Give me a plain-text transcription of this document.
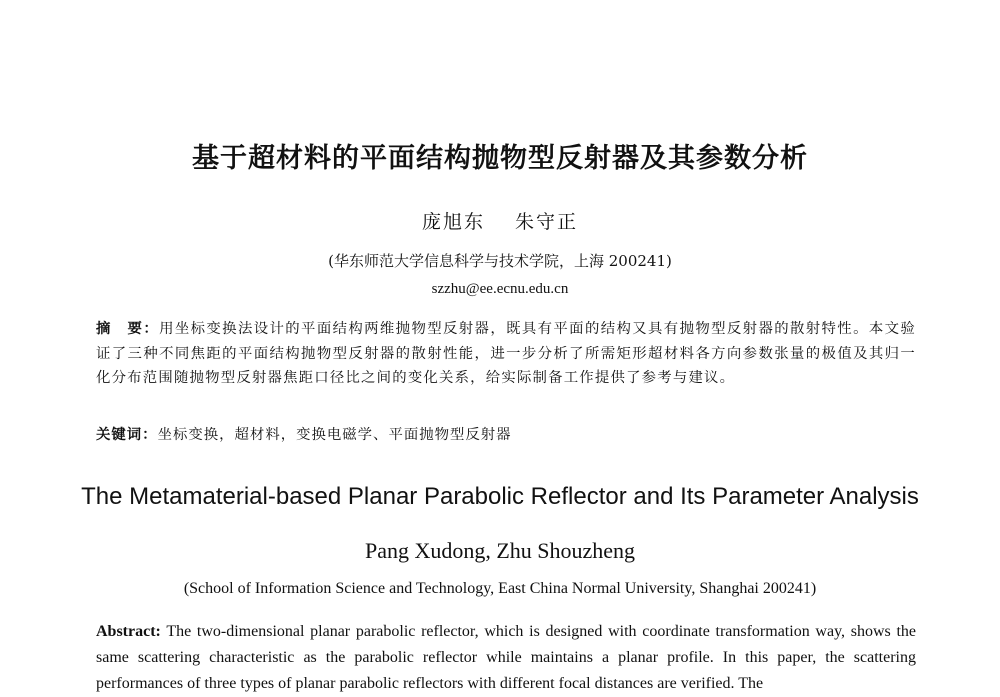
基于超材料的平面结构抛物型反射器及其参数分析
庞旭东 朱守正
(华东师范大学信息科学与技术学院，上海 200241)
szzhu@ee.ecnu.edu.cn
摘　要：用坐标变换法设计的平面结构两维抛物型反射器，既具有平面的结构又具有抛物型反射器的散射特性。本文验证了三种不同焦距的平面结构抛物型反射器的散射性能，进一步分析了所需矩形超材料各方向参数张量的极值及其归一化分布范围随抛物型反射器焦距口径比之间的变化关系，给实际制备工作提供了参考与建议。
关键词：坐标变换，超材料，变换电磁学、平面抛物型反射器
The Metamaterial-based Planar Parabolic Reflector and Its Parameter Analysis
Pang Xudong, Zhu Shouzheng
(School of Information Science and Technology, East China Normal University, Shanghai 200241)
Abstract: The two-dimensional planar parabolic reflector, which is designed with coordinate transformation way, shows the same scattering characteristic as the parabolic reflector while maintains a planar profile. In this paper, the scattering performances of three types of planar parabolic reflectors with different focal distances are verified. The
